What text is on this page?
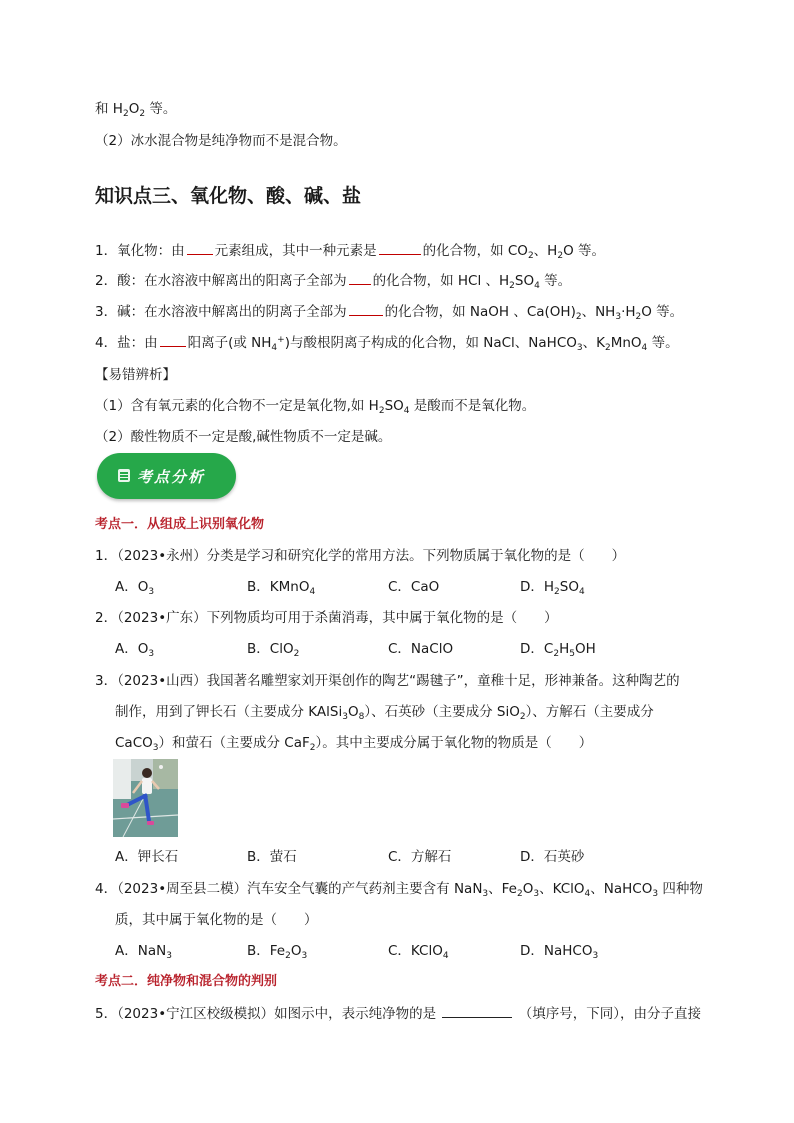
和 $H_2O_2$ 等。
（2）冰水混合物是纯净物而不是混合物。
知识点三、氧化物、酸、碱、盐
1．氧化物：由 元素组成，其中一种元素是	的化合物，如 $CO_2$、$H_2O$ 等。
2．酸：在水溶液中解离出的阳离子全部为 的化合物，如 HCl 、$H_2SO_4$ 等。
3．碱：在水溶液中解离出的阴离子全部为	的化合物，如 NaOH 、$Ca(OH)_2$、$NH_3\cdot H_2O$ 等。
4．盐：由 阳离子(或 $NH_4^+$)与酸根阴离子构成的化合物，如 NaCl、NaHCO$_3$、$K_2MnO_4$ 等。
【易错辨析】
（1）含有氧元素的化合物不一定是氧化物,如 $H_2SO_4$ 是酸而不是氧化物。
（2）酸性物质不一定是酸,碱性物质不一定是碱。
考点分析
考点一．从组成上识别氧化物
1．（2023•永州）分类是学习和研究化学的常用方法。下列物质属于氧化物的是（　　）
A．$O_3$	B．KMnO$_4$	C．CaO	D．$H_2SO_4$
2．（2023•广东）下列物质均可用于杀菌消毒，其中属于氧化物的是（　　）
A．$O_3$	B．ClO$_2$	C．NaClO	D．$C_2H_5OH$
3．（2023•山西）我国著名雕塑家刘开渠创作的陶艺“踢毽子”，童稚十足，形神兼备。这种陶艺的
制作，用到了钾长石（主要成分 $KAlSi_3O_8$）、石英砂（主要成分 SiO$_2$）、方解石（主要成分
CaCO$_3$）和萤石（主要成分 CaF$_2$）。其中主要成分属于氧化物的物质是（　　）
A．钾长石	B．萤石	C．方解石	D．石英砂
4．（2023•周至县二模）汽车安全气囊的产气药剂主要含有 NaN$_3$、$Fe_2O_3$、KClO$_4$、NaHCO$_3$ 四种物
质，其中属于氧化物的是（　　）
A．NaN$_3$	B．$Fe_2O_3$	C．KClO$_4$	D．NaHCO$_3$
考点二．纯净物和混合物的判别
5．（2023•宁江区校级模拟）如图示中，表示纯净物的是	（填序号，下同），由分子直接
